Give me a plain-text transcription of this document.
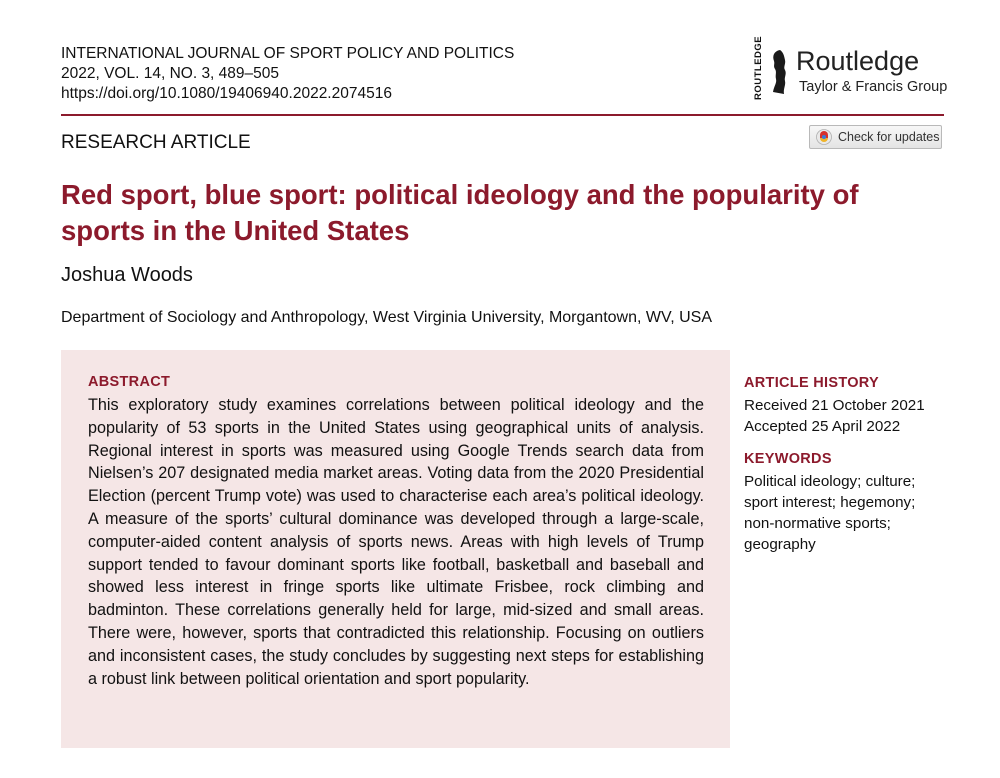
INTERNATIONAL JOURNAL OF SPORT POLICY AND POLITICS
2022, VOL. 14, NO. 3, 489–505
https://doi.org/10.1080/19406940.2022.2074516	ROUTLEDGE Routledge
Taylor & Francis Group
RESEARCH ARTICLE	Check for updates
Red sport, blue sport: political ideology and the popularity of sports in the United States
Joshua Woods
Department of Sociology and Anthropology, West Virginia University, Morgantown, WV, USA
ABSTRACT

This exploratory study examines correlations between political ideology and the popularity of 53 sports in the United States using geographical units of analysis. Regional interest in sports was measured using Google Trends search data from Nielsen’s 207 designated media market areas. Voting data from the 2020 Presidential Election (percent Trump vote) was used to characterise each area’s political ideology. A measure of the sports’ cultural dominance was developed through a large-scale, computer-aided content analysis of sports news. Areas with high levels of Trump support tended to favour dominant sports like football, basketball and baseball and showed less interest in fringe sports like ultimate Frisbee, rock climbing and badminton. These correlations generally held for large, mid-sized and small areas. There were, however, sports that contradicted this relationship. Focusing on outliers and inconsistent cases, the study concludes by suggesting next steps for establishing a robust link between political orientation and sport popularity.

ARTICLE HISTORY
Received 21 October 2021
Accepted 25 April 2022
KEYWORDS
Political ideology; culture;
sport interest; hegemony;
non-normative sports;
geography
